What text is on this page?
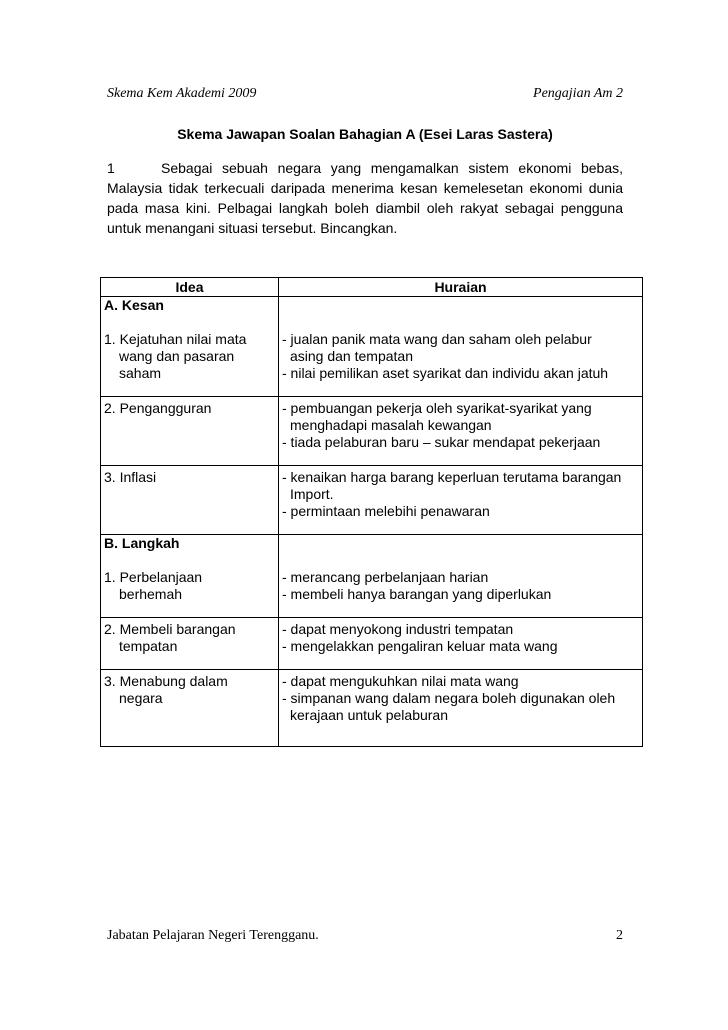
Skema Kem Akademi 2009	Pengajian Am 2
Skema Jawapan Soalan Bahagian A (Esei Laras Sastera)
1	Sebagai sebuah negara yang mengamalkan sistem ekonomi bebas, Malaysia tidak terkecuali daripada menerima kesan kemelesetan ekonomi dunia pada masa kini. Pelbagai langkah boleh diambil oleh rakyat sebagai pengguna untuk menangani situasi tersebut. Bincangkan.
Idea	Huraian
A. Kesan	

1. Kejatuhan nilai mata
wang dan pasaran
saham	- jualan panik mata wang dan saham oleh pelabur
asing dan tempatan
- nilai pemilikan aset syarikat dan individu akan jatuh

2. Pengangguran	- pembuangan pekerja oleh syarikat-syarikat yang
menghadapi masalah kewangan
- tiada pelaburan baru – sukar mendapat pekerjaan

3. Inflasi	- kenaikan harga barang keperluan terutama barangan
Import.
- permintaan melebihi penawaran

B. Langkah	

1. Perbelanjaan
berhemah	- merancang perbelanjaan harian
- membeli hanya barangan yang diperlukan

2. Membeli barangan
tempatan	- dapat menyokong industri tempatan
- mengelakkan pengaliran keluar mata wang

3. Menabung dalam
negara	- dapat mengukuhkan nilai mata wang
- simpanan wang dalam negara boleh digunakan oleh
kerajaan untuk pelaburan
Jabatan Pelajaran Negeri Terengganu.	2
